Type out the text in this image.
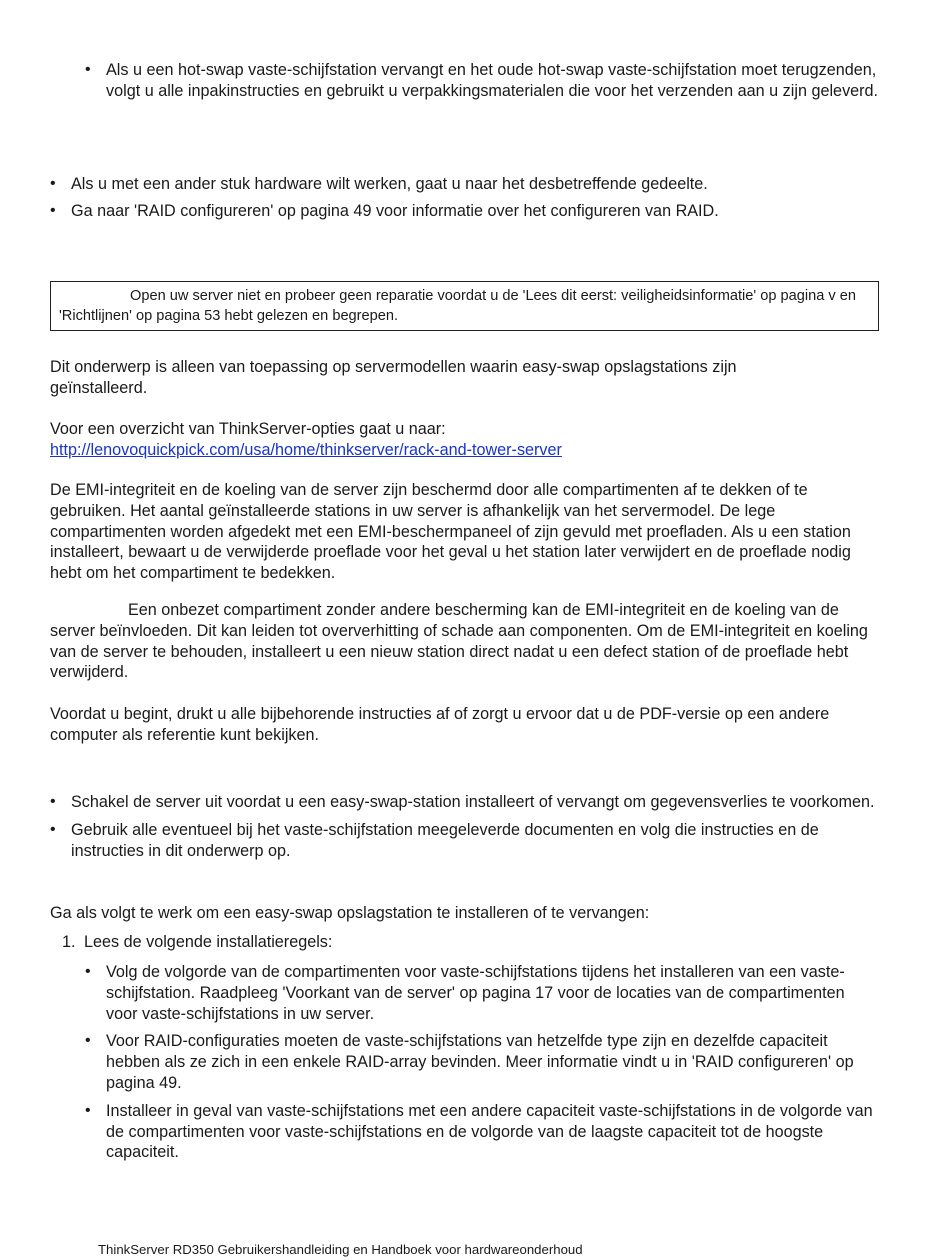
• Als u een hot-swap vaste-schijfstation vervangt en het oude hot-swap vaste-schijfstation moet terugzenden, volgt u alle inpakinstructies en gebruikt u verpakkingsmaterialen die voor het verzenden aan u zijn geleverd.
• Als u met een ander stuk hardware wilt werken, gaat u naar het desbetreffende gedeelte.
• Ga naar 'RAID configureren' op pagina 49 voor informatie over het configureren van RAID.
Open uw server niet en probeer geen reparatie voordat u de 'Lees dit eerst: veiligheidsinformatie' op pagina v en 'Richtlijnen' op pagina 53 hebt gelezen en begrepen.

Dit onderwerp is alleen van toepassing op servermodellen waarin easy-swap opslagstations zijn geïnstalleerd.

Voor een overzicht van ThinkServer-opties gaat u naar:
http://lenovoquickpick.com/usa/home/thinkserver/rack-and-tower-server

De EMI-integriteit en de koeling van de server zijn beschermd door alle compartimenten af te dekken of te gebruiken. Het aantal geïnstalleerde stations in uw server is afhankelijk van het servermodel. De lege compartimenten worden afgedekt met een EMI-beschermpaneel of zijn gevuld met proefladen. Als u een station installeert, bewaart u de verwijderde proeflade voor het geval u het station later verwijdert en de proeflade nodig hebt om het compartiment te bedekken.

Een onbezet compartiment zonder andere bescherming kan de EMI-integriteit en de koeling van de server beïnvloeden. Dit kan leiden tot oververhitting of schade aan componenten. Om de EMI-integriteit en koeling van de server te behouden, installeert u een nieuw station direct nadat u een defect station of de proeflade hebt verwijderd.

Voordat u begint, drukt u alle bijbehorende instructies af of zorgt u ervoor dat u de PDF-versie op een andere computer als referentie kunt bekijken.

• Schakel de server uit voordat u een easy-swap-station installeert of vervangt om gegevensverlies te voorkomen.
• Gebruik alle eventueel bij het vaste-schijfstation meegeleverde documenten en volg die instructies en de instructies in dit onderwerp op.

Ga als volgt te werk om een easy-swap opslagstation te installeren of te vervangen:

1. Lees de volgende installatieregels:
• Volg de volgorde van de compartimenten voor vaste-schijfstations tijdens het installeren van een vaste-schijfstation. Raadpleeg 'Voorkant van de server' op pagina 17 voor de locaties van de compartimenten voor vaste-schijfstations in uw server.
• Voor RAID-configuraties moeten de vaste-schijfstations van hetzelfde type zijn en dezelfde capaciteit hebben als ze zich in een enkele RAID-array bevinden. Meer informatie vindt u in 'RAID configureren' op pagina 49.
• Installeer in geval van vaste-schijfstations met een andere capaciteit vaste-schijfstations in de volgorde van de compartimenten voor vaste-schijfstations en de volgorde van de laagste capaciteit tot de hoogste capaciteit.
ThinkServer RD350 Gebruikershandleiding en Handboek voor hardwareonderhoud
